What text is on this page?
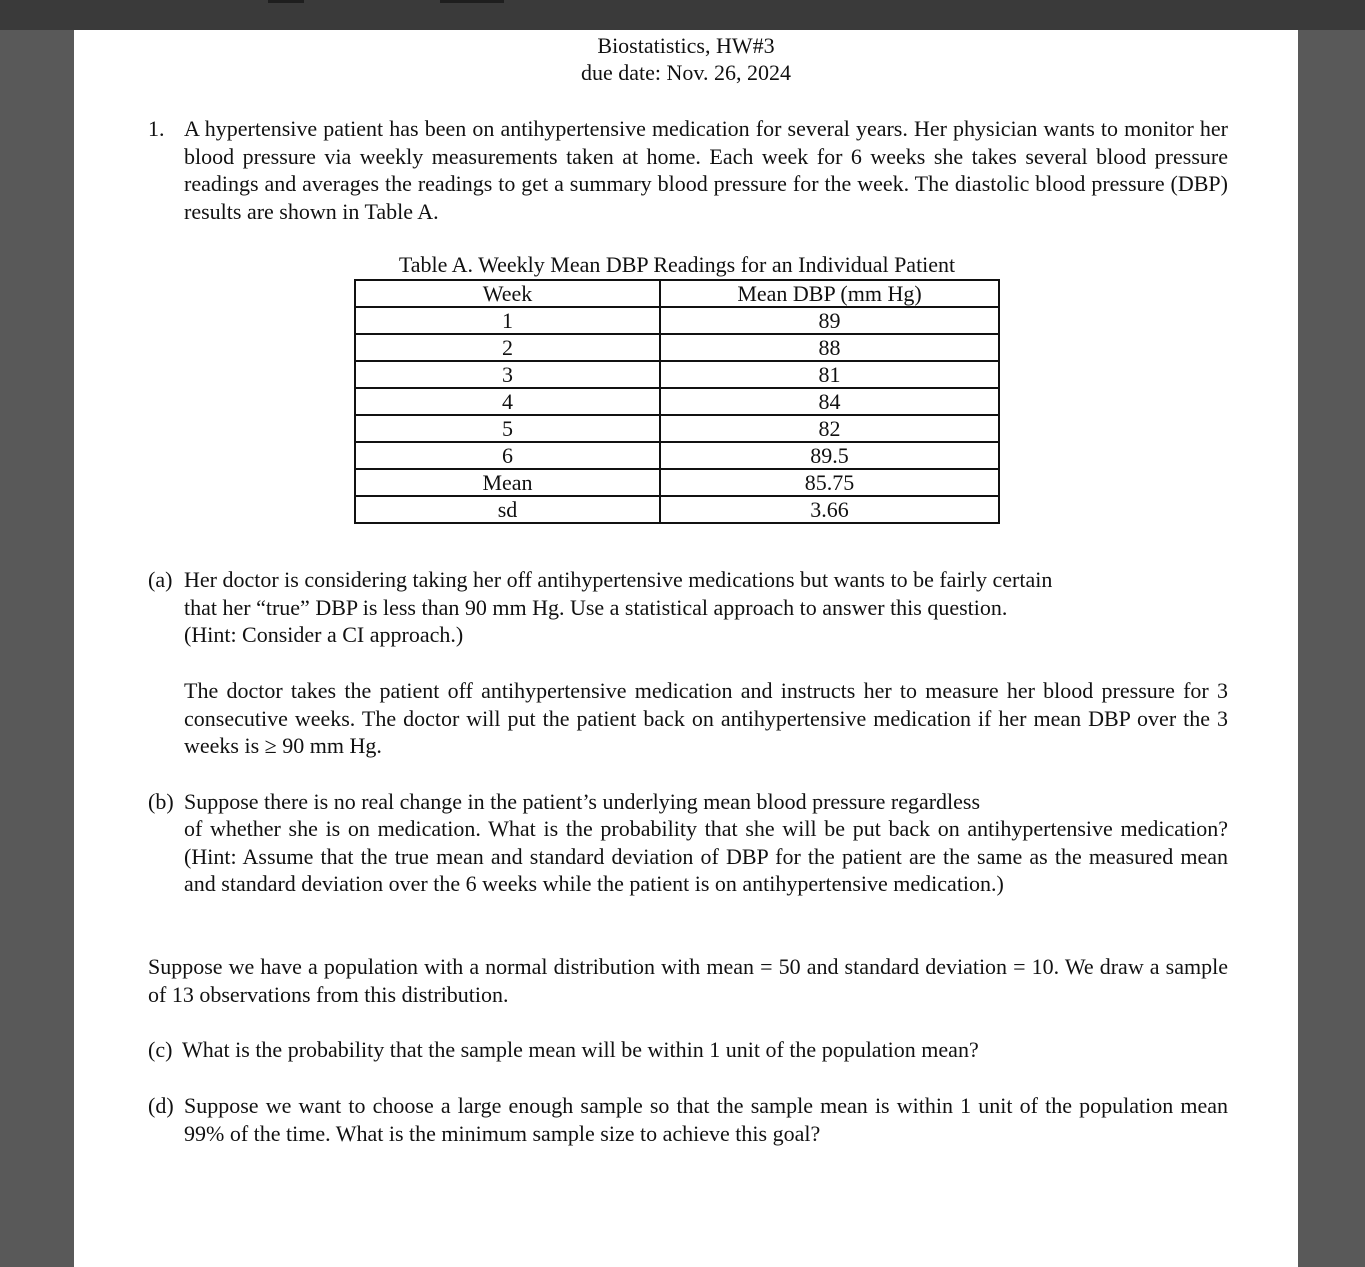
Biostatistics, HW#3
due date: Nov. 26, 2024
1. A hypertensive patient has been on antihypertensive medication for several years. Her physician wants to monitor her blood pressure via weekly measurements taken at home. Each week for 6 weeks she takes several blood pressure readings and averages the readings to get a summary blood pressure for the week. The diastolic blood pressure (DBP) results are shown in Table A.

Table A. Weekly Mean DBP Readings for an Individual Patient
Week	Mean DBP (mm Hg)
1	89
2	88
3	81
4	84
5	82
6	89.5
Mean	85.75
sd	3.66
(a) Her doctor is considering taking her off antihypertensive medications but wants to be fairly certain that her “true” DBP is less than 90 mm Hg. Use a statistical approach to answer this question. (Hint: Consider a CI approach.)

The doctor takes the patient off antihypertensive medication and instructs her to measure her blood pressure for 3 consecutive weeks. The doctor will put the patient back on antihypertensive medication if her mean DBP over the 3 weeks is ≥ 90 mm Hg.

(b) Suppose there is no real change in the patient’s underlying mean blood pressure regardless

of whether she is on medication. What is the probability that she will be put back on antihypertensive medication? (Hint: Assume that the true mean and standard deviation of DBP for the patient are the same as the measured mean and standard deviation over the 6 weeks while the patient is on antihypertensive medication.)

Suppose we have a population with a normal distribution with mean = 50 and standard deviation = 10. We draw a sample of 13 observations from this distribution.

(c) What is the probability that the sample mean will be within 1 unit of the population mean?

(d) Suppose we want to choose a large enough sample so that the sample mean is within 1 unit of the population mean 99% of the time. What is the minimum sample size to achieve this goal?
